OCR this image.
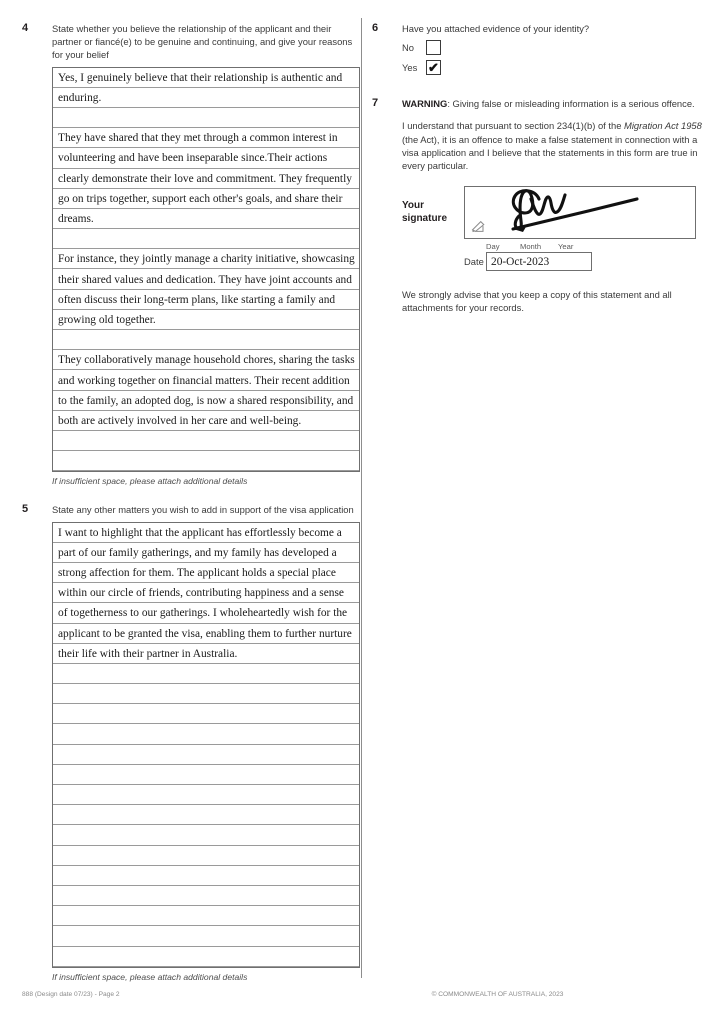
4	State whether you believe the relationship of the applicant and their partner or fiancé(e) to be genuine and continuing, and give your reasons for your belief

Yes, I genuinely believe that their relationship is authentic and enduring.

They have shared that they met through a common interest in volunteering and have been inseparable since.Their actions clearly demonstrate their love and commitment. They frequently go on trips together, support each other's goals, and share their dreams.

For instance, they jointly manage a charity initiative, showcasing their shared values and dedication. They have joint accounts and often discuss their long-term plans, like starting a family and growing old together.

They collaboratively manage household chores, sharing the tasks and working together on financial matters. Their recent addition to the family, an adopted dog, is now a shared responsibility, and both are actively involved in her care and well-being.

If insufficient space, please attach additional details

5	State any other matters you wish to add in support of the visa application

I want to highlight that the applicant has effortlessly become a part of our family gatherings, and my family has developed a strong affection for them. The applicant holds a special place within our circle of friends, contributing happiness and a sense of togetherness to our gatherings. I wholeheartedly wish for the applicant to be granted the visa, enabling them to further nurture their life with their partner in Australia.

If insufficient space, please attach additional details

6	Have you attached evidence of your identity?

No
Yes ✔
7	WARNING: Giving false or misleading information is a serious offence.

I understand that pursuant to section 234(1)(b) of the Migration Act 1958 (the Act), it is an offence to make a false statement in connection with a visa application and I believe that the statements in this form are true in every particular.

Your
signature
Day	Month	Year
Date 20-Oct-2023

We strongly advise that you keep a copy of this statement and all attachments for your records.

888 (Design date 07/23) - Page 2	© COMMONWEALTH OF AUSTRALIA, 2023
